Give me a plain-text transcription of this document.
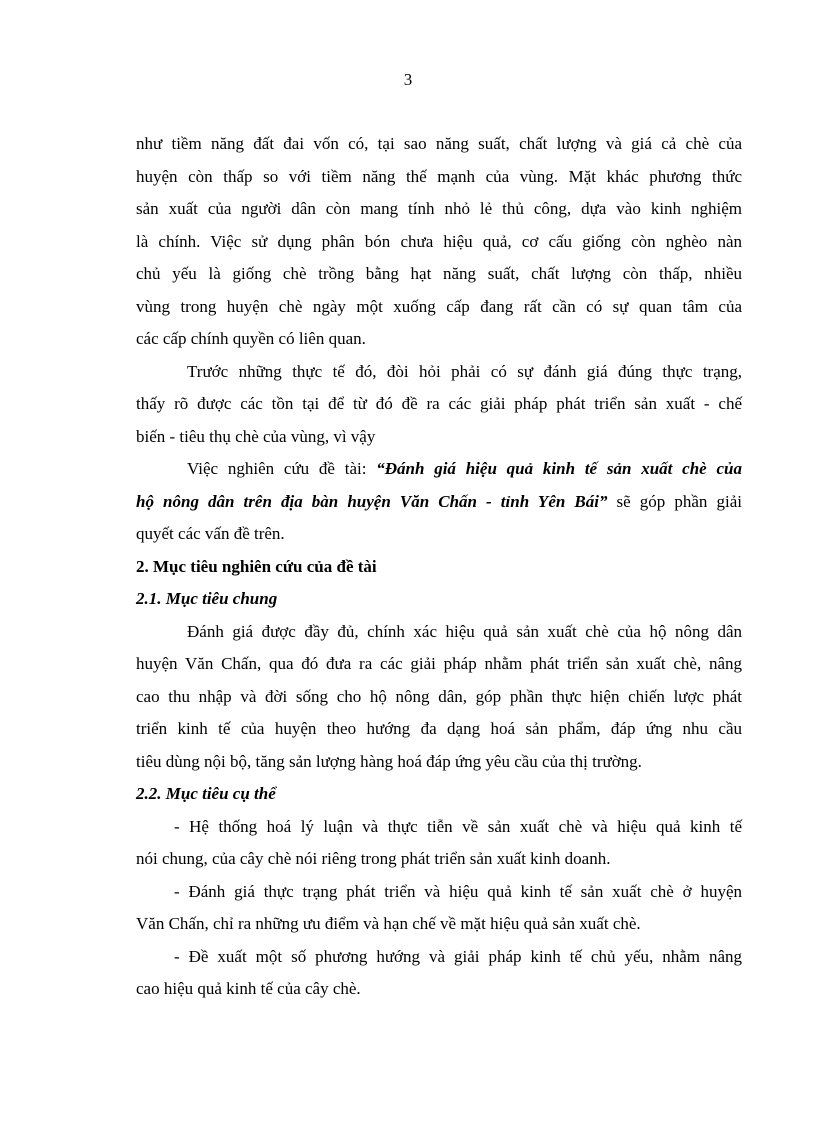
3
như tiềm năng đất đai vốn có, tại sao năng suất, chất lượng và giá cả chè của
huyện còn thấp so với tiềm năng thế mạnh của vùng. Mặt khác phương thức
sản xuất của người dân còn mang tính nhỏ lẻ thủ công, dựa vào kinh nghiệm
là chính. Việc sử dụng phân bón chưa hiệu quả, cơ cấu giống còn nghèo nàn
chủ yếu là giống chè trồng bằng hạt năng suất, chất lượng còn thấp, nhiều
vùng trong huyện chè ngày một xuống cấp đang rất cần có sự quan tâm của
các cấp chính quyền có liên quan.
Trước những thực tế đó, đòi hỏi phải có sự đánh giá đúng thực trạng,
thấy rõ được các tồn tại để từ đó đề ra các giải pháp phát triển sản xuất - chế
biến - tiêu thụ chè của vùng, vì vậy
Việc nghiên cứu đề tài: “Đánh giá hiệu quả kinh tế sản xuất chè của
hộ nông dân trên địa bàn huyện Văn Chấn - tỉnh Yên Bái” sẽ góp phần giải
quyết các vấn đề trên.
2. Mục tiêu nghiên cứu của đề tài
2.1. Mục tiêu chung
Đánh giá được đầy đủ, chính xác hiệu quả sản xuất chè của hộ nông dân
huyện Văn Chấn, qua đó đưa ra các giải pháp nhằm phát triển sản xuất chè, nâng
cao thu nhập và đời sống cho hộ nông dân, góp phần thực hiện chiến lược phát
triển kinh tế của huyện theo hướng đa dạng hoá sản phẩm, đáp ứng nhu cầu
tiêu dùng nội bộ, tăng sản lượng hàng hoá đáp ứng yêu cầu của thị trường.
2.2. Mục tiêu cụ thể
- Hệ thống hoá lý luận và thực tiễn về sản xuất chè và hiệu quả kinh tế
nói chung, của cây chè nói riêng trong phát triển sản xuất kinh doanh.
- Đánh giá thực trạng phát triển và hiệu quả kinh tế sản xuất chè ở huyện
Văn Chấn, chỉ ra những ưu điểm và hạn chế về mặt hiệu quả sản xuất chè.
- Đề xuất một số phương hướng và giải pháp kinh tế chủ yếu, nhằm nâng
cao hiệu quả kinh tế của cây chè.
